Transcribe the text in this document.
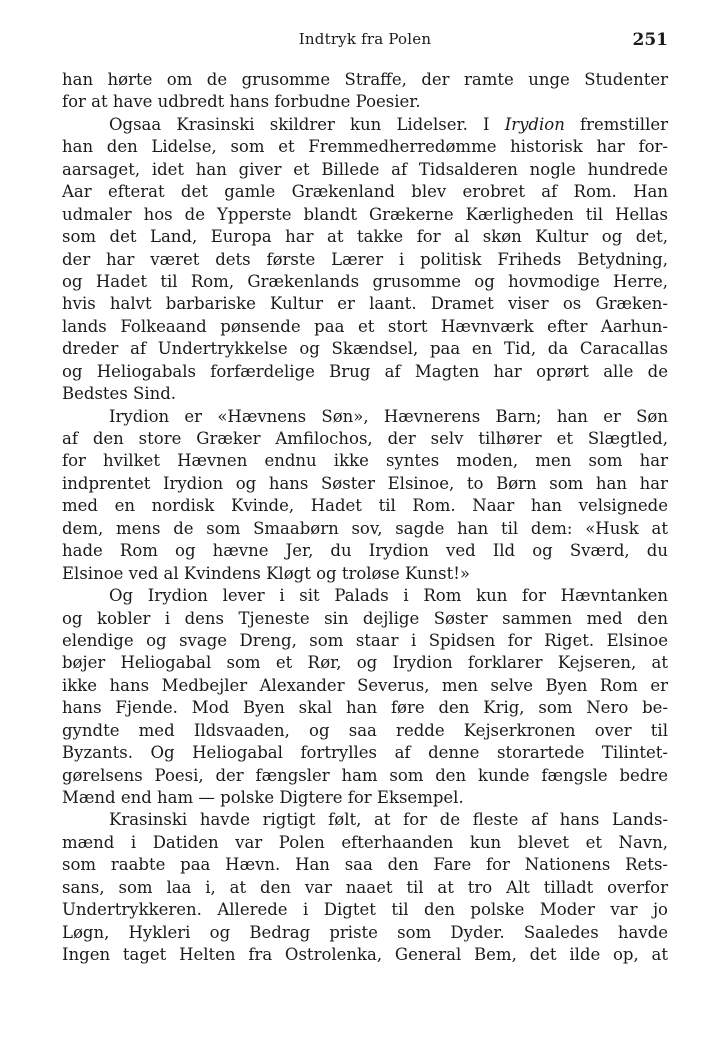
Indtryk fra Polen	251
han hørte om de grusomme Straffe, der ramte unge Studenter
for at have udbredt hans forbudne Poesier.
Ogsaa Krasinski skildrer kun Lidelser. I Irydion fremstiller
han den Lidelse, som et Fremmedherredømme historisk har for-
aarsaget, idet han giver et Billede af Tidsalderen nogle hundrede
Aar efterat det gamle Grækenland blev erobret af Rom. Han
udmaler hos de Ypperste blandt Grækerne Kærligheden til Hellas
som det Land, Europa har at takke for al skøn Kultur og det,
der har været dets første Lærer i politisk Friheds Betydning,
og Hadet til Rom, Grækenlands grusomme og hovmodige Herre,
hvis halvt barbariske Kultur er laant. Dramet viser os Græken-
lands Folkeaand pønsende paa et stort Hævnværk efter Aarhun-
dreder af Undertrykkelse og Skændsel, paa en Tid, da Caracallas
og Heliogabals forfærdelige Brug af Magten har oprørt alle de
Bedstes Sind.
Irydion er «Hævnens Søn», Hævnerens Barn; han er Søn
af den store Græker Amfilochos, der selv tilhører et Slægtled,
for hvilket Hævnen endnu ikke syntes moden, men som har
indprentet Irydion og hans Søster Elsinoe, to Børn som han har
med en nordisk Kvinde, Hadet til Rom. Naar han velsignede
dem, mens de som Smaabørn sov, sagde han til dem: «Husk at
hade Rom og hævne Jer, du Irydion ved Ild og Sværd, du
Elsinoe ved al Kvindens Kløgt og troløse Kunst!»
Og Irydion lever i sit Palads i Rom kun for Hævntanken
og kobler i dens Tjeneste sin dejlige Søster sammen med den
elendige og svage Dreng, som staar i Spidsen for Riget. Elsinoe
bøjer Heliogabal som et Rør, og Irydion forklarer Kejseren, at
ikke hans Medbejler Alexander Severus, men selve Byen Rom er
hans Fjende. Mod Byen skal han føre den Krig, som Nero be-
gyndte med Ildsvaaden, og saa redde Kejserkronen over til
Byzants. Og Heliogabal fortrylles af denne storartede Tilintet-
gørelsens Poesi, der fængsler ham som den kunde fængsle bedre
Mænd end ham — polske Digtere for Eksempel.
Krasinski havde rigtigt følt, at for de fleste af hans Lands-
mænd i Datiden var Polen efterhaanden kun blevet et Navn,
som raabte paa Hævn. Han saa den Fare for Nationens Rets-
sans, som laa i, at den var naaet til at tro Alt tilladt overfor
Undertrykkeren. Allerede i Digtet til den polske Moder var jo
Løgn, Hykleri og Bedrag priste som Dyder. Saaledes havde
Ingen taget Helten fra Ostrolenka, General Bem, det ilde op, at
